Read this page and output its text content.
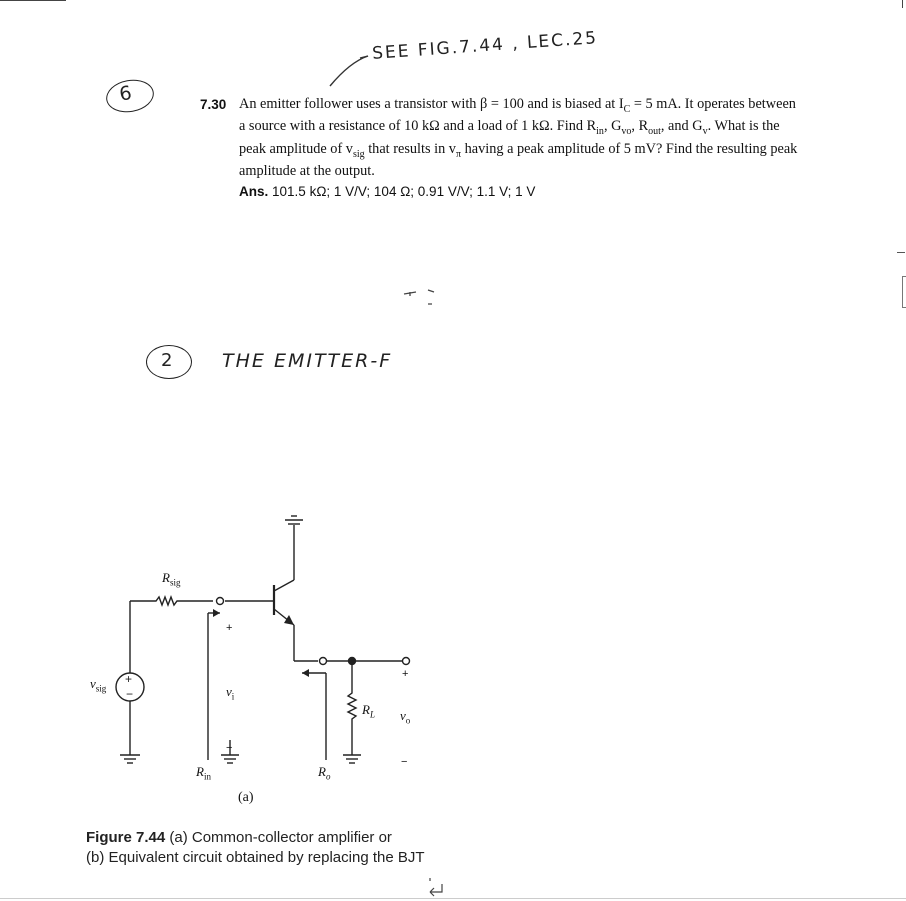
SEE FIG.7.44 , LEC.25
6	7.30 An emitter follower uses a transistor with β = 100 and is biased at $I_C = 5$ mA. It operates between
a source with a resistance of 10 kΩ and a load of 1 kΩ. Find $R_{in}$, $G_{vo}$, $R_{out}$, and $G_v$. What is the
peak amplitude of $v_{sig}$ that results in $v_\pi$ having a peak amplitude of 5 mV? Find the resulting peak
amplitude at the output.
Ans. 101.5 kΩ; 1 V/V; 104 Ω; 0.91 V/V; 1.1 V; 1 V
2	THE EMITTER-F
+
−
$R_{sig}$
$v_{sig}$
+
$v_i$
−
$R_{in}$
$R_L$
+
$v_o$
−
$R_o$
(a)
Figure 7.44 (a) Common-collector amplifier or
(b) Equivalent circuit obtained by replacing the BJT
